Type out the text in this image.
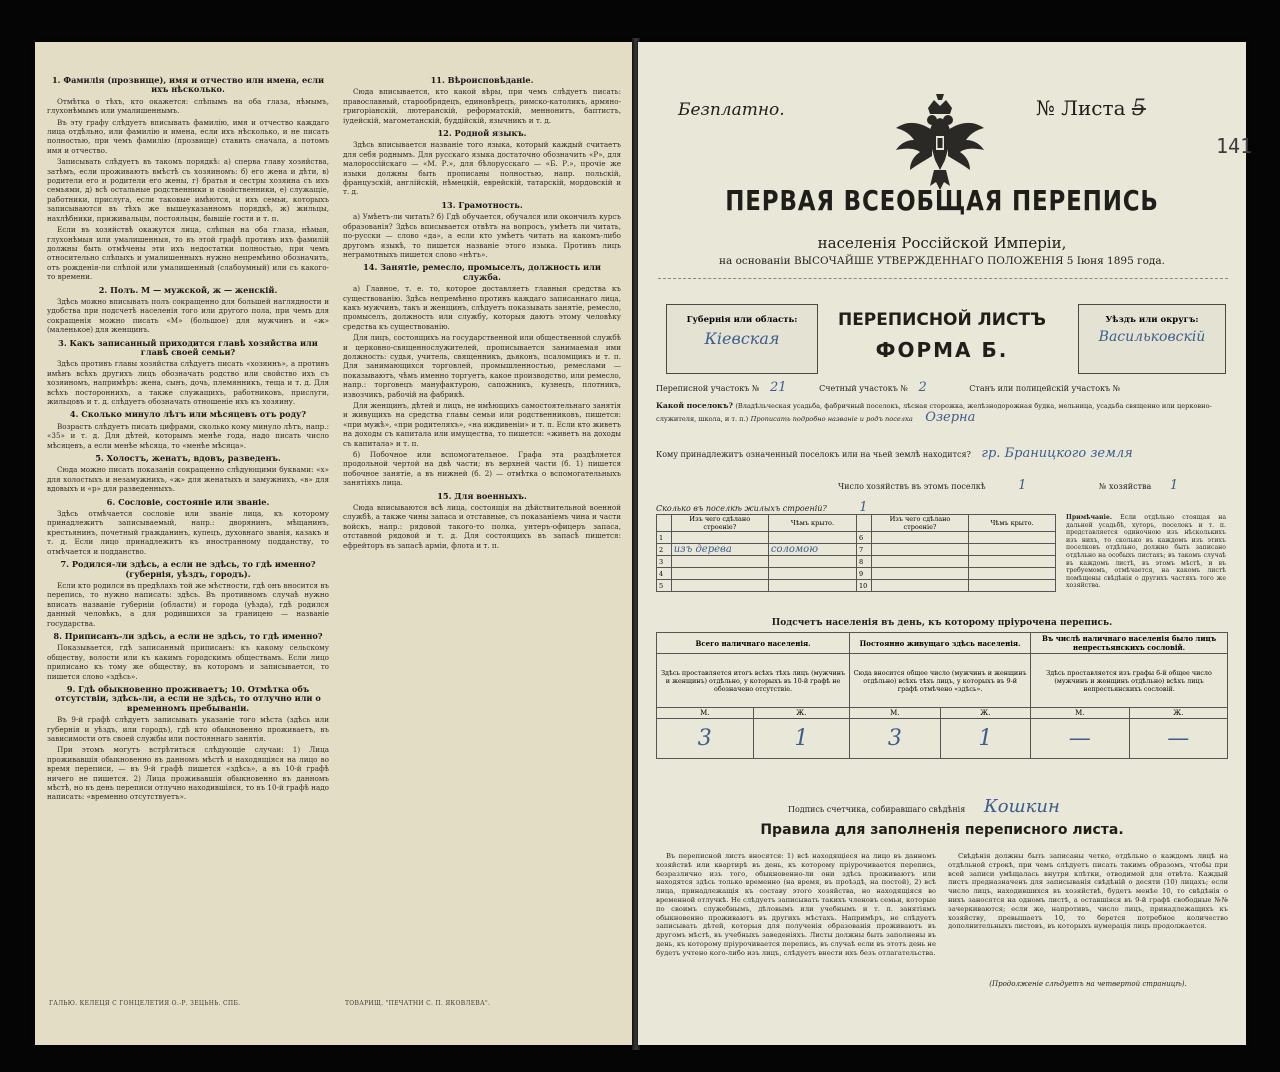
1. Фамилія (прозвище), имя и отчество или имена, если ихъ нѣсколько.

Отмѣтка о тѣхъ, кто окажется: слѣпымъ на оба глаза, нѣмымъ, глухонѣмымъ или умалишеннымъ.

Въ эту графу слѣдуетъ вписывать фамилію, имя и отчество каждаго лица отдѣльно, или фамилію и имена, если ихъ нѣсколько, и не писать полностью, при чемъ фамилію (прозвище) ставить сначала, а потомъ имя и отчество.

Записывать слѣдуетъ въ такомъ порядкѣ: а) сперва главу хозяйства, затѣмъ, если проживаютъ вмѣстѣ съ хозяиномъ: б) его жена и дѣти, в) родители его и родители его жены, г) братья и сестры хозяина съ ихъ семьями, д) всѣ остальные родственники и свойственники, е) служащіе, работники, прислуга, если таковые имѣются, и ихъ семьи, которыхъ записываются въ тѣхъ же вышеуказанномъ порядкѣ, ж) жильцы, нахлѣбники, приживальцы, постояльцы, бывшіе гостя и т. п.

Если въ хозяйствѣ окажутся лица, слѣпыя на оба глаза, нѣмыя, глухонѣмыя или умалишенныя, то въ этой графѣ противъ ихъ фамилій должны быть отмѣчены эти ихъ недостатки полностью, при чемъ относительно слѣпыхъ и умалишенныхъ нужно непремѣнно обозначить, отъ рожденія-ли слѣпой или умалишенный (слабоумный) или съ какого-то времени.

2. Полъ. М — мужской, ж — женскій.

Здѣсь можно вписывать полъ сокращенно для большей наглядности и удобства при подсчетѣ населенія того или другого пола, при чемъ для сокращенія можно писать «М» (большое) для мужчинъ и «ж» (маленькое) для женщинъ.

3. Какъ записанный приходится главѣ хозяйства или главѣ своей семьи?

Здѣсь противъ главы хозяйства слѣдуетъ писать «хозяинъ», а противъ имѣнъ всѣхъ другихъ лицъ обозначать родство или свойство ихъ съ хозяиномъ, напримѣръ: жена, сынъ, дочь, племянникъ, теща и т. д. Для всѣхъ постороннихъ, а также служащихъ, работниковъ, прислуги, жильцовъ и т. д. слѣдуетъ обозначать отношеніе ихъ къ хозяину.

4. Сколько минуло лѣтъ или мѣсяцевъ отъ роду?

Возрастъ слѣдуетъ писать цифрами, сколько кому минуло лѣтъ, напр.: «35» и т. д. Для дѣтей, которымъ менѣе года, надо писать число мѣсяцевъ, а если менѣе мѣсяца, то «менѣе мѣсяца».

5. Холостъ, женатъ, вдовъ, разведенъ.

Сюда можно писать показанія сокращенно слѣдующими буквами: «х» для холостыхъ и незамужнихъ, «ж» для женатыхъ и замужнихъ, «в» для вдовыхъ и «р» для разведенныхъ.

6. Сословіе, состояніе или званіе.

Здѣсь отмѣчается сословіе или званіе лица, къ которому принадлежитъ записываемый, напр.: дворянинъ, мѣщанинъ, крестьянинъ, почетный гражданинъ, купецъ, духовнаго званія, казакъ и т. д. Если лицо принадлежитъ къ иностранному подданству, то отмѣчается и подданство.

7. Родился-ли здѣсь, а если не здѣсь, то гдѣ именно? (губернія, уѣздъ, городъ).

Если кто родился въ предѣлахъ той же мѣстности, гдѣ онъ вносится въ перепись, то нужно написать: здѣсь. Въ противномъ случаѣ нужно вписать названіе губерніи (области) и города (уѣзда), гдѣ родился данный человѣкъ, а для родившихся за границею — названіе государства.

8. Приписанъ-ли здѣсь, а если не здѣсь, то гдѣ именно?

Показывается, гдѣ записанный приписанъ: къ какому сельскому обществу, волости или къ какимъ городскимъ обществамъ. Если лицо приписано къ тому же обществу, въ которомъ и записывается, то пишется слово «здѣсь».

9. Гдѣ обыкновенно проживаетъ; 10. Отмѣтка объ отсутствіи, здѣсь-ли, а если не здѣсь, то отлучно или о временномъ пребываніи.

Въ 9-й графѣ слѣдуетъ записывать указаніе того мѣста (здѣсь или губернія и уѣздъ, или городъ), гдѣ кто обыкновенно проживаетъ, въ зависимости отъ своей службы или постояннаго занятія.

При этомъ могутъ встрѣтиться слѣдующіе случаи: 1) Лица проживавшія обыкновенно въ данномъ мѣстѣ и находящіяся на лицо во время переписи, — въ 9-й графѣ пишется «здѣсь», а въ 10-й графѣ ничего не пишется. 2) Лица проживавшія обыкновенно въ данномъ мѣстѣ, но въ день переписи отлучно находившіяся, то въ 10-й графѣ надо написать: «временно отсутствуетъ».

11. Вѣроисповѣданіе.

Сюда вписывается, кто какой вѣры, при чемъ слѣдуетъ писать: православный, старообрядецъ, единовѣрецъ, римско-католикъ, армяно-григоріанскій, лютеранскій, реформатскій, меннонитъ, баптистъ, іудейскій, магометанскій, буддійскій, язычникъ и т. д.

12. Родной языкъ.

Здѣсь вписывается названіе того языка, который каждый считаетъ для себя роднымъ. Для русскаго языка достаточно обозначить «Р», для малороссійскаго — «М. Р.», для бѣлорусскаго — «Б. Р.», прочіе же языки должны быть прописаны полностью, напр. польскій, французскій, англійскій, нѣмецкій, еврейскій, татарскій, мордовскій и т. д.

13. Грамотность.

а) Умѣетъ-ли читать? б) Гдѣ обучается, обучался или окончилъ курсъ образованія? Здѣсь вписывается отвѣтъ на вопросъ, умѣетъ ли читать, по-русски — слово «да», а если кто умѣетъ читать на какомъ-либо другомъ языкѣ, то пишется названіе этого языка. Противъ лицъ неграмотныхъ пишется слово «нѣтъ».

14. Занятіе, ремесло, промыселъ, должность или служба.

а) Главное, т. е. то, которое доставляетъ главныя средства къ существованію. Здѣсь непремѣнно противъ каждаго записаннаго лица, какъ мужчинъ, такъ и женщинъ, слѣдуетъ показывать занятіе, ремесло, промыселъ, должность или службу, которыя даютъ этому человѣку средства къ существованію.

Для лицъ, состоящихъ на государственной или общественной службѣ и церковно-священнослужителей, прописывается занимаемая ими должность: судья, учитель, священникъ, дьяконъ, псаломщикъ и т. п. Для занимающихся торговлей, промышленностью, ремеслами — показываютъ, чѣмъ именно торгуетъ, какое производство, или ремесло, напр.: торговецъ мануфактурою, сапожникъ, кузнецъ, плотникъ, извозчикъ, рабочій на фабрикѣ.

Для женщинъ, дѣтей и лицъ, не имѣющихъ самостоятельнаго занятія и живущихъ на средства главы семьи или родственниковъ, пишется: «при мужѣ», «при родителяхъ», «на иждивеніи» и т. п. Если кто живетъ на доходы съ капитала или имущества, то пишется: «живетъ на доходы съ капитала» и т. п.

б) Побочное или вспомогательное. Графа эта раздѣляется продольной чертой на двѣ части; въ верхней части (б. 1) пишется побочное занятіе, а въ нижней (б. 2) — отмѣтка о вспомогательныхъ занятіяхъ лица.

15. Для военныхъ.

Сюда вписываются всѣ лица, состоящія на дѣйствительной военной службѣ, а также чины запаса и отставные, съ показаніемъ чина и части войскъ, напр.: рядовой такого-то полка, унтеръ-офицеръ запаса, отставной рядовой и т. д. Для состоящихъ въ запасѣ пишется: ефрейторъ въ запасѣ арміи, флота и т. п.

ГАЛЬЮ. КЕЛЕЦЯ С ГОНЦЕЛЕТИЯ О.-Р. ЗЕЦЬНЬ. СПБ.	ТОВАРИЩ. "ПЕЧАТНИ С. П. ЯКОВЛЕВА".
Безплатно.	№ Листа 5
141
ПЕРВАЯ ВСЕОБЩАЯ ПЕРЕПИСЬ
населенія Россійской Имперіи,
на основаніи ВЫСОЧАЙШЕ УТВЕРЖДЕННАГО ПОЛОЖЕНІЯ 5 Іюня 1895 года.
Губернія или область:
Кіевская
ПЕРЕПИСНОЙ ЛИСТЪ
ФОРМА Б.
Уѣздъ или округъ:
Васильковскій
Переписной участокъ № 21	Счетный участокъ № 2	Станъ или полицейскій участокъ №
Какой поселокъ? (Владѣльческая усадьба, фабричный поселокъ, лѣсная сторожка, желѣзнодорожная будка, мельница, усадьба священно или церковно-служителя, школа, и т. п.) Прописать подробно названіе и родъ поселка Озерна
Кому принадлежитъ означенный поселокъ или на чьей землѣ находится? гр. Браницкого земля
Число хозяйствъ въ этомъ поселкѣ	1	№ хозяйства 1
Сколько въ поселкѣ жилыхъ строеній?	1
	Изъ чего сдѣлано строеніе?	Чѣмъ крыто.		Изъ чего сдѣлано строеніе?	Чѣмъ крыто.
1			6		
2	изъ дерева	соломою	7		
3			8		
4			9		
5			10		
Примѣчаніе. Если отдѣльно стоящая на дальней усадьбѣ, хуторъ, поселокъ и т. п. представляется одиночною изъ нѣсколькихъ изъ нихъ, то сколько въ каждомъ изъ этихъ поселковъ отдѣльно, должно быть записано отдѣльно на особыхъ листахъ; въ такомъ случаѣ въ каждомъ листѣ, въ этомъ мѣстѣ, и въ требуемомъ, отмѣчается, на какомъ листѣ помѣщены свѣдѣнія о другихъ частяхъ того же хозяйства.
Подсчетъ населенія въ день, къ которому пріурочена перепись.
Всего наличнаго населенія.		Постоянно живущаго здѣсь населенія.		Въ числѣ наличнаго населенія было лицъ непрестьянскихъ сословій.	
Здѣсь проставляется итогъ всѣхъ тѣхъ лицъ (мужчинъ и женщинъ) отдѣльно, у которыхъ въ 10-й графѣ не обозначено отсутствіе.		Сюда вносится общее число (мужчинъ и женщинъ отдѣльно) всѣхъ тѣхъ лицъ, у которыхъ въ 9-й графѣ отмѣчено «здѣсь».		Здѣсь проставляется изъ графы 6-й общее число (мужчинъ и женщинъ отдѣльно) всѣхъ лицъ непрестьянскихъ сословій.	
М.	Ж.	М.	Ж.	М.	Ж.
3	1	3	1	—	—
Подпись счетчика, собиравшаго свѣдѣнія Кошкин
Правила для заполненія переписного листа.

Въ переписной листъ вносятся: 1) всѣ находящіеся на лицо въ данномъ хозяйствѣ или квартирѣ въ день, къ которому пріурочивается перепись, безразлично изъ того, обыкновенно-ли они здѣсь проживаютъ или находятся здѣсь только временно (на время, въ проѣздѣ, на постой), 2) всѣ лица, принадлежащія къ составу этого хозяйства, но находящіяся во временной отлучкѣ. Не слѣдуетъ записывать такихъ членовъ семьи, которые по своимъ служебнымъ, дѣловымъ или учебнымъ и т. п. занятіямъ обыкновенно проживаютъ въ другихъ мѣстахъ. Напримѣръ, не слѣдуетъ записывать дѣтей, которыя для полученія образованія проживаютъ въ другомъ мѣстѣ, въ учебныхъ заведеніяхъ. Листы должны быть заполнены въ день, къ которому пріурочивается перепись, въ случаѣ если въ этотъ день не будетъ учтено кого-либо изъ лицъ, слѣдуетъ внести ихъ безъ отлагательства.

Свѣдѣнія должны быть записаны четко, отдѣльно о каждомъ лицѣ на отдѣльной строкѣ, при чемъ слѣдуетъ писать такимъ образомъ, чтобы при всей записи умѣщалась внутри клѣтки, отводимой для отвѣта. Каждый листъ предназначенъ для записыванія свѣдѣній о десяти (10) лицахъ; если число лицъ, находившихся въ хозяйствѣ, будетъ менѣе 10, то свѣдѣнія о нихъ заносятся на одномъ листѣ, а оставшіяся въ 9-й графѣ свободные №№ зачеркиваются; если же, напротивъ, число лицъ, принадлежащихъ къ хозяйству, превышаетъ 10, то берется потребное количество дополнительныхъ листовъ, въ которыхъ нумерація лицъ продолжается.

(Продолженіе слѣдуетъ на четвертой страницѣ).
